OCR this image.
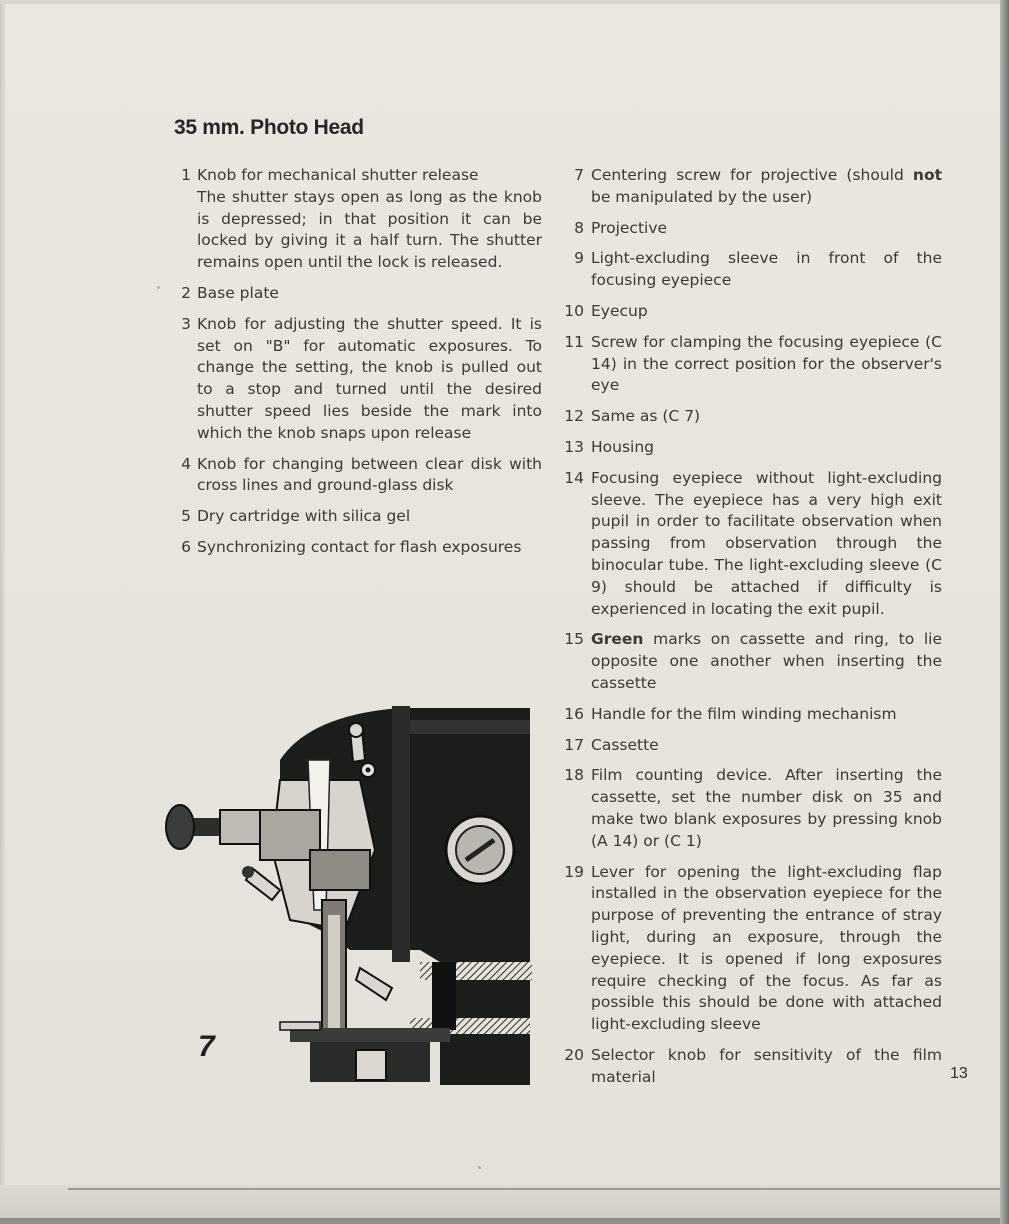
35 mm. Photo Head
1 Knob for mechanical shutter release
The shutter stays open as long as the knob is depressed; in that position it can be locked by giving it a half turn. The shutter remains open until the lock is released.
2 Base plate
3 Knob for adjusting the shutter speed. It is set on "B" for automatic exposures. To change the setting, the knob is pulled out to a stop and turned until the desired shutter speed lies beside the mark into which the knob snaps upon release
4 Knob for changing between clear disk with cross lines and ground-glass disk
5 Dry cartridge with silica gel
6 Synchronizing contact for flash exposures
7 Centering screw for projective (should not be manipulated by the user)
8 Projective
9 Light-excluding sleeve in front of the focusing eyepiece
10 Eyecup
11 Screw for clamping the focusing eyepiece (C 14) in the correct position for the observer's eye
12 Same as (C 7)
13 Housing
14 Focusing eyepiece without light-excluding sleeve. The eyepiece has a very high exit pupil in order to facilitate observation when passing from observation through the binocular tube. The light-excluding sleeve (C 9) should be attached if difficulty is experienced in locating the exit pupil.
15 Green marks on cassette and ring, to lie opposite one another when inserting the cassette
16 Handle for the film winding mechanism
17 Cassette
18 Film counting device. After inserting the cassette, set the number disk on 35 and make two blank exposures by pressing knob (A 14) or (C 1)
19 Lever for opening the light-excluding flap installed in the observation eyepiece for the purpose of preventing the entrance of stray light, during an exposure, through the eyepiece. It is opened if long exposures require checking of the focus. As far as possible this should be done with attached light-excluding sleeve
20 Selector knob for sensitivity of the film material
7
13
